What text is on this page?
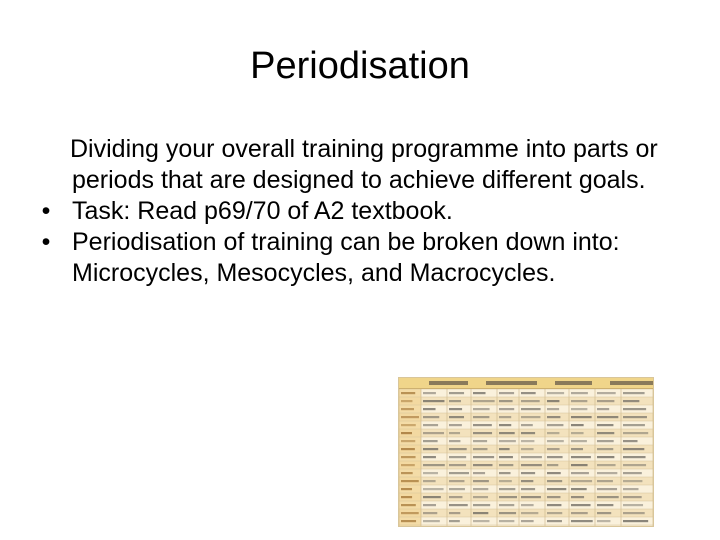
Periodisation

Dividing your overall training programme into parts or periods that are designed to achieve different goals.

• Task: Read p69/70 of A2 textbook.
• Periodisation of training can be broken down into: Microcycles, Mesocycles, and Macrocycles.
